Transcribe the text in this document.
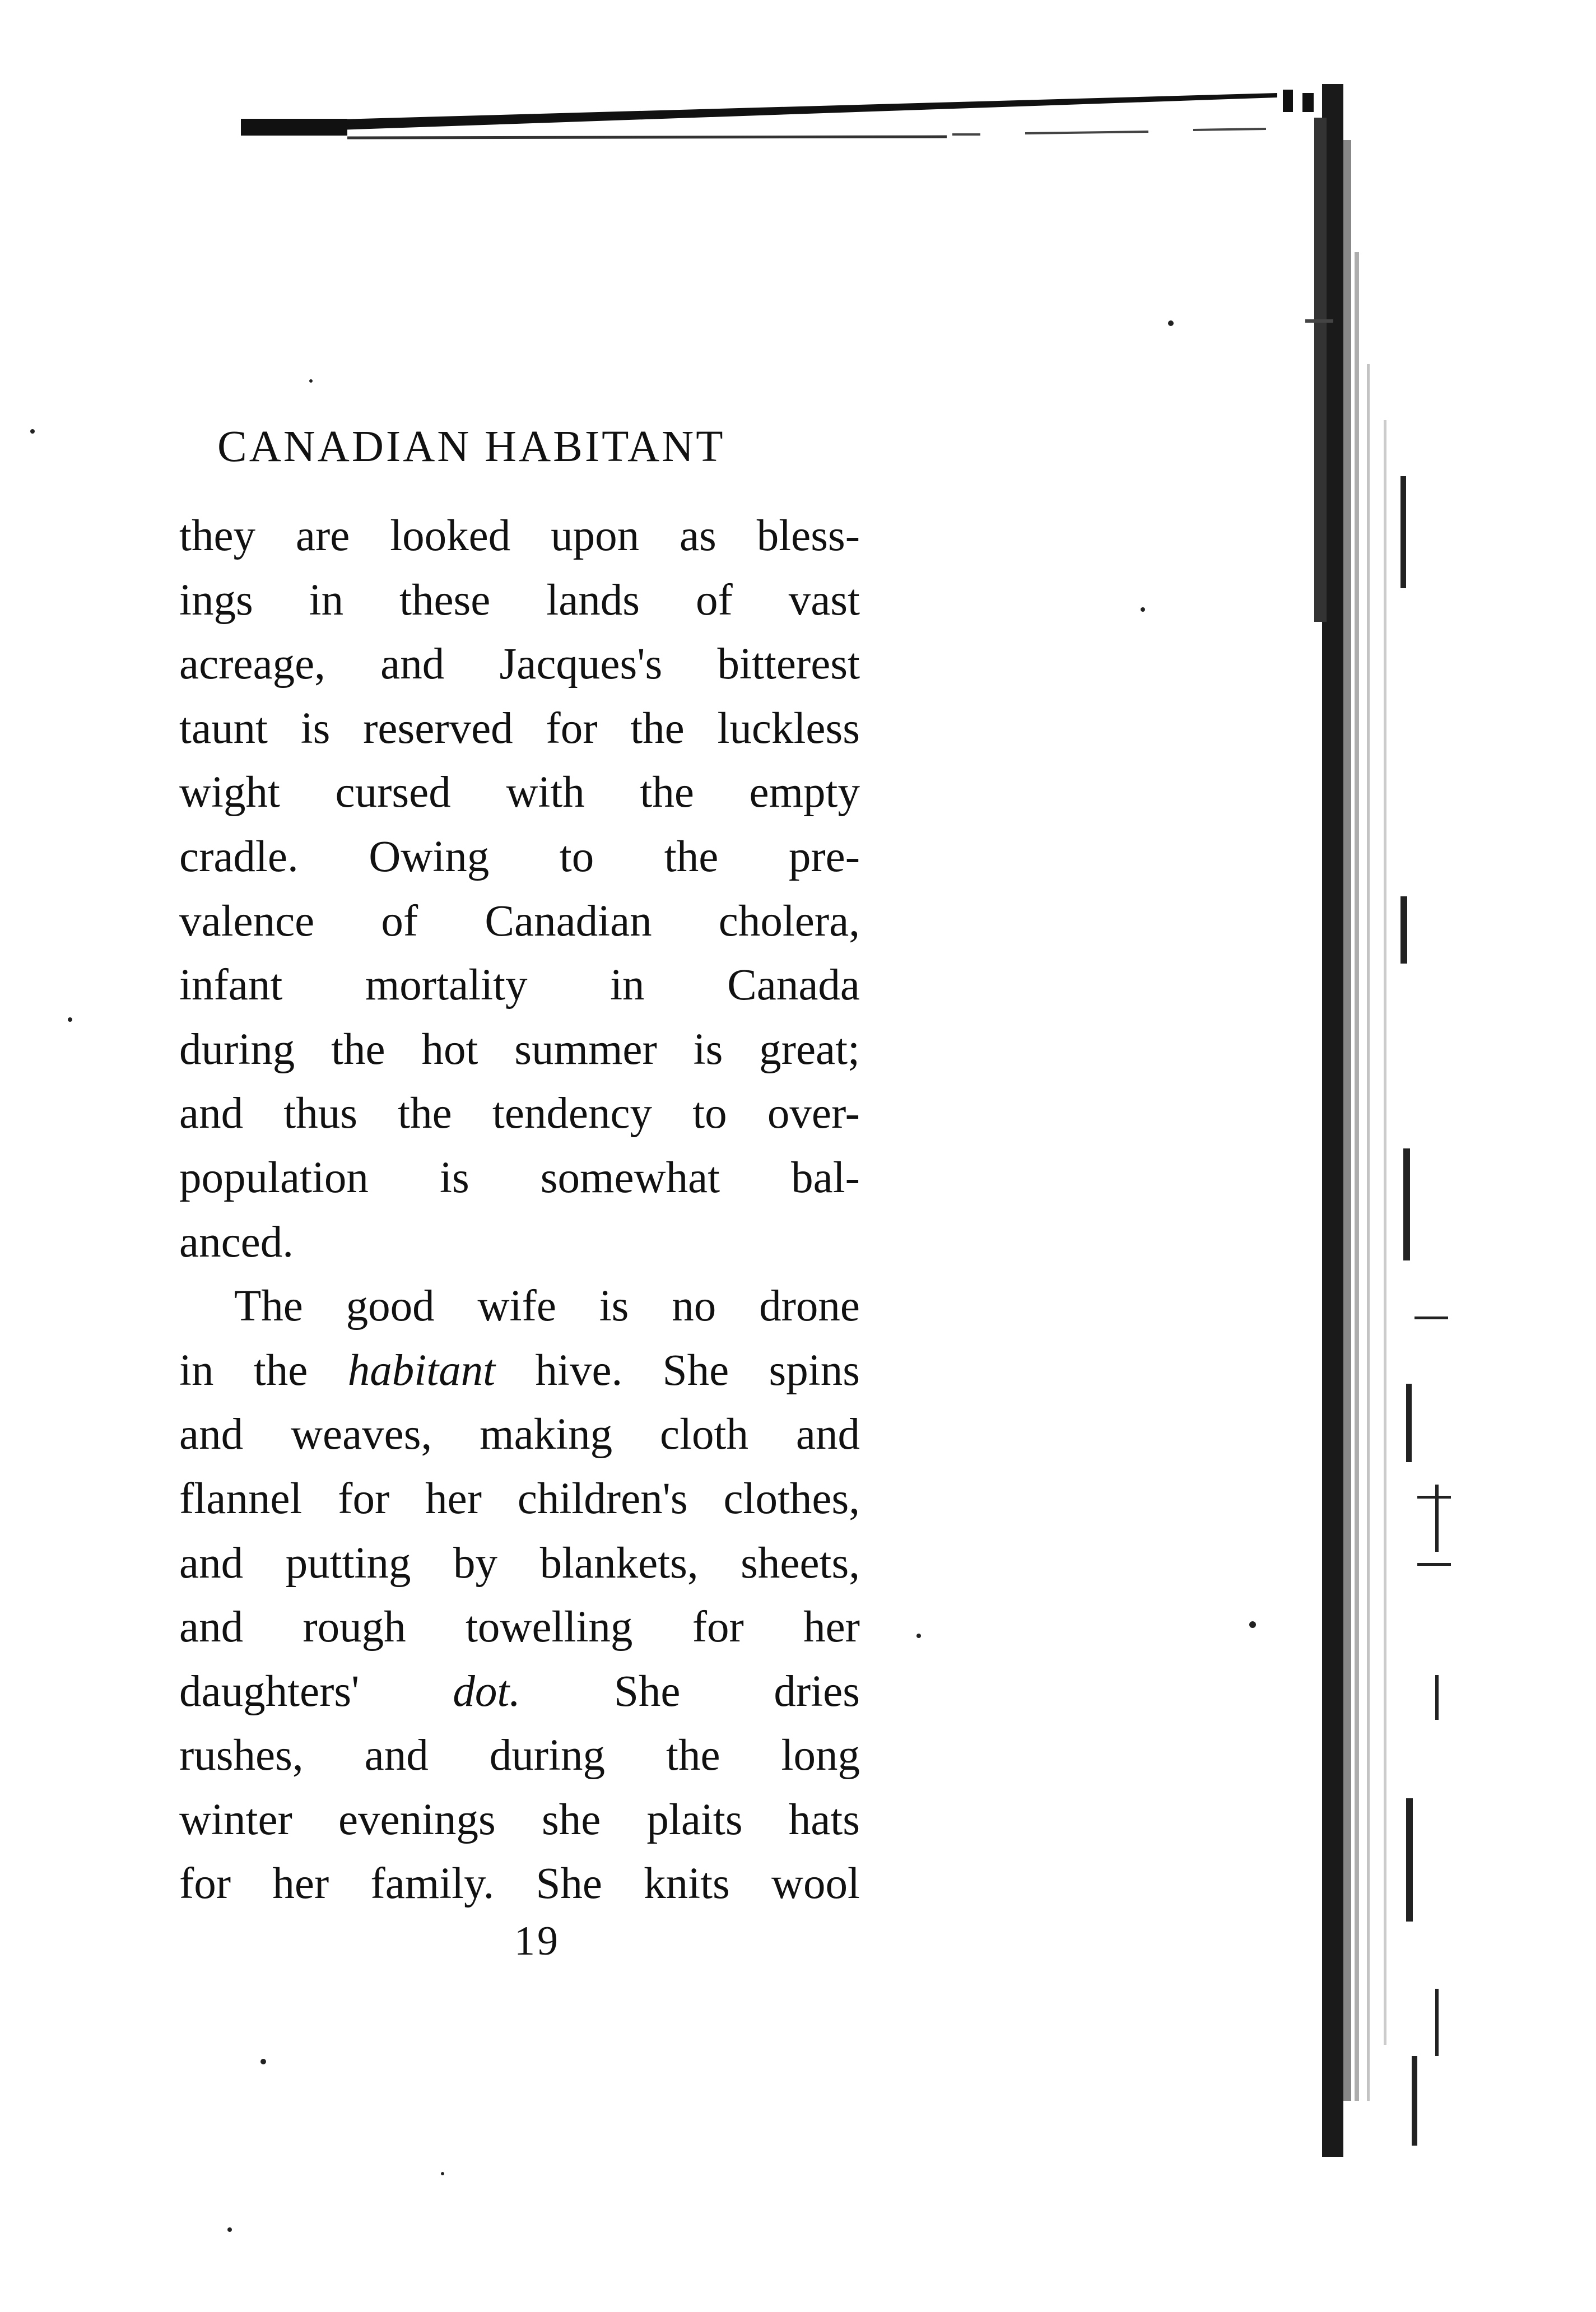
CANADIAN HABITANT
they are looked upon as bless-
ings in these lands of vast
acreage, and Jacques's bitterest
taunt is reserved for the luckless
wight cursed with the empty
cradle. Owing to the pre-
valence of Canadian cholera,
infant mortality in Canada
during the hot summer is great;
and thus the tendency to over-
population is somewhat bal-
anced.
The good wife is no drone
in the habitant hive. She spins
and weaves, making cloth and
flannel for her children's clothes,
and putting by blankets, sheets,
and rough towelling for her
daughters' dot. She dries
rushes, and during the long
winter evenings she plaits hats
for her family. She knits wool
19
